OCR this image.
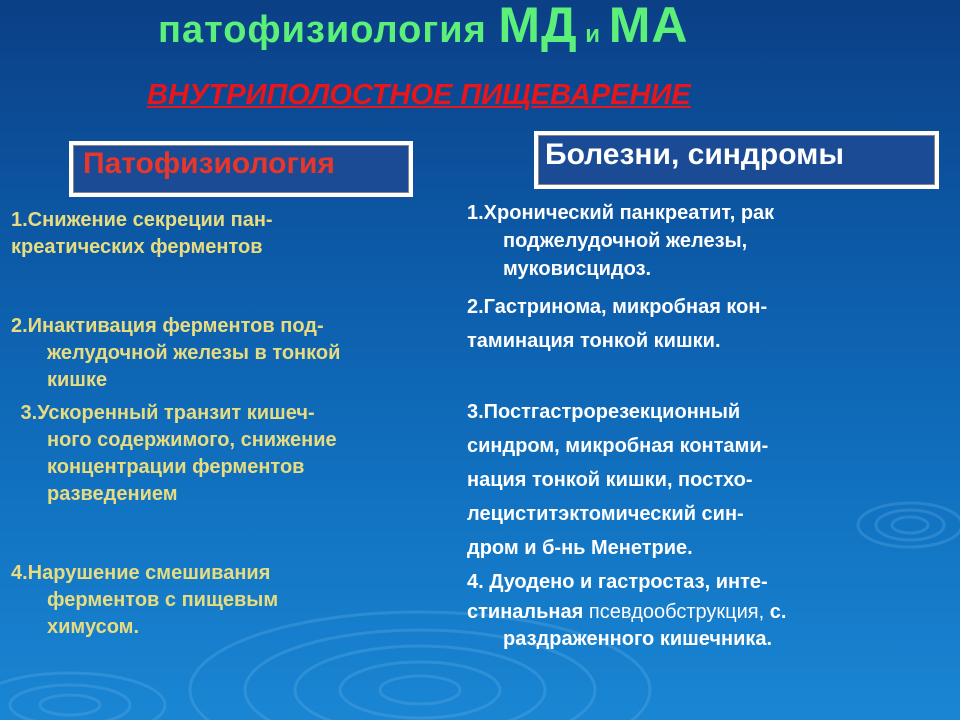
патофизиология МД и МА
ВНУТРИПОЛОСТНОЕ ПИЩЕВАРЕНИЕ
Патофизиология	Болезни, синдромы
1.Снижение секреции пан-
креатических ферментов
2.Инактивация ферментов под-

желудочной железы в тонкой
кишке
3.Ускоренный транзит кишеч-

ного содержимого, снижение
концентрации ферментов
разведением
4.Нарушение смешивания

ферментов с пищевым
химусом.
1.Хронический панкреатит, рак

поджелудочной железы,
муковисцидоз.
2.Гастринома, микробная кон-
таминация тонкой кишки.
3.Постгастрорезекционный
синдром, микробная контами-
нация тонкой кишки, постхо-
лециститэктомический син-
дром и б-нь Менетрие.
4. Дуодено и гастростаз, инте-
стинальная псевдообструкция, с.

раздраженного кишечника.
